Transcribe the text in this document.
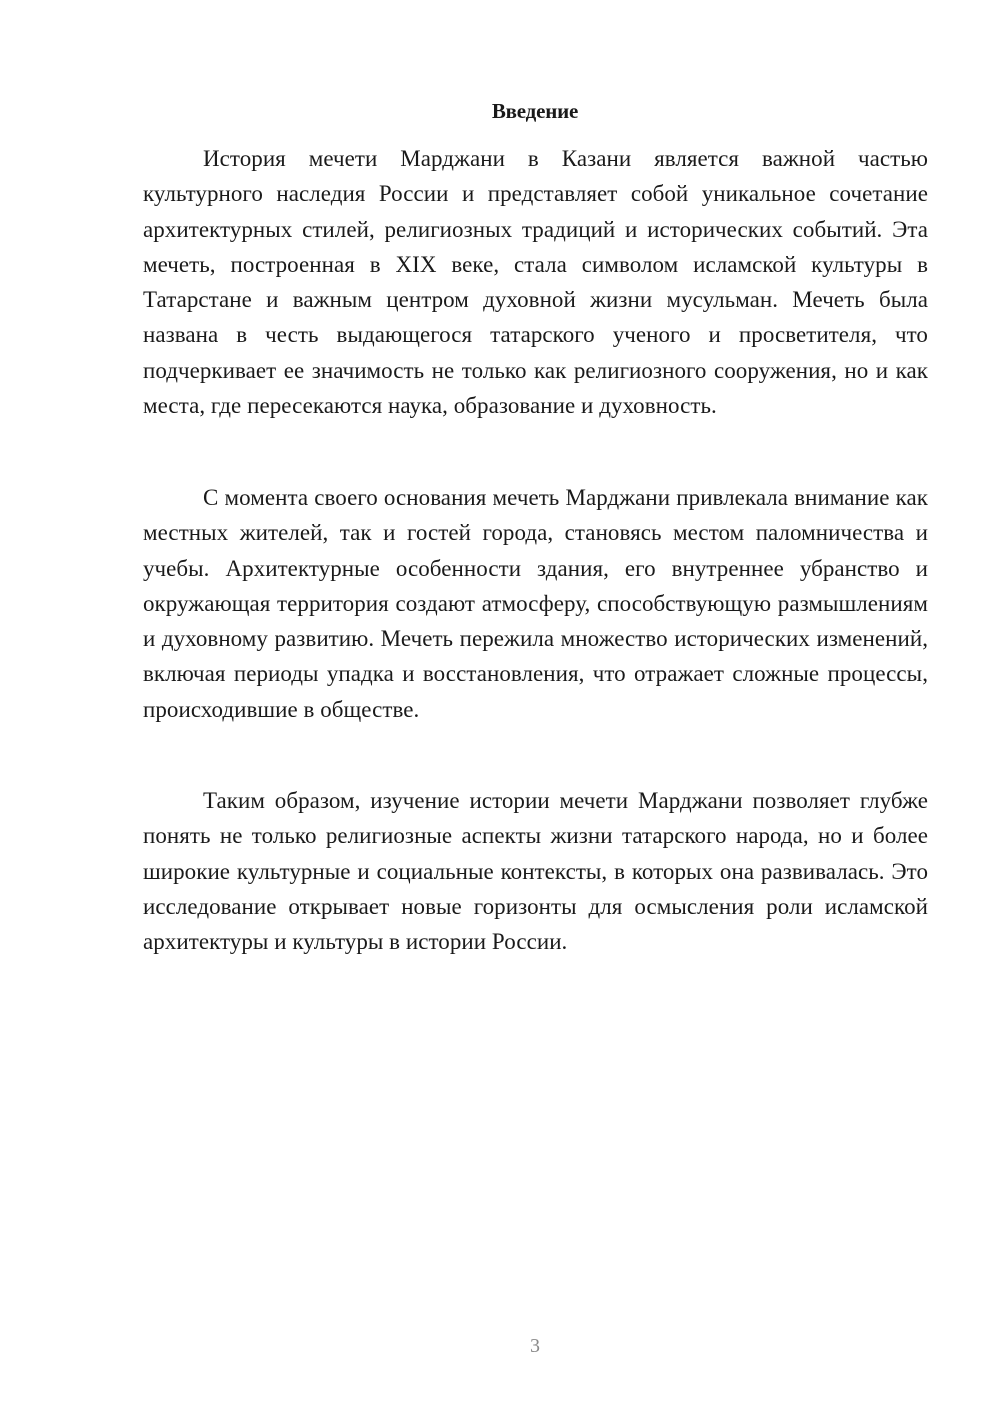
Введение

История мечети Марджани в Казани является важной частью культурного наследия России и представляет собой уникальное сочетание архитектурных стилей, религиозных традиций и исторических событий. Эта мечеть, построенная в XIX веке, стала символом исламской культуры в Татарстане и важным центром духовной жизни мусульман. Мечеть была названа в честь выдающегося татарского ученого и просветителя, что подчеркивает ее значимость не только как религиозного сооружения, но и как места, где пересекаются наука, образование и духовность.

С момента своего основания мечеть Марджани привлекала внимание как местных жителей, так и гостей города, становясь местом паломничества и учебы. Архитектурные особенности здания, его внутреннее убранство и окружающая территория создают атмосферу, способствующую размышлениям и духовному развитию. Мечеть пережила множество исторических изменений, включая периоды упадка и восстановления, что отражает сложные процессы, происходившие в обществе.

Таким образом, изучение истории мечети Марджани позволяет глубже понять не только религиозные аспекты жизни татарского народа, но и более широкие культурные и социальные контексты, в которых она развивалась. Это исследование открывает новые горизонты для осмысления роли исламской архитектуры и культуры в истории России.

3
